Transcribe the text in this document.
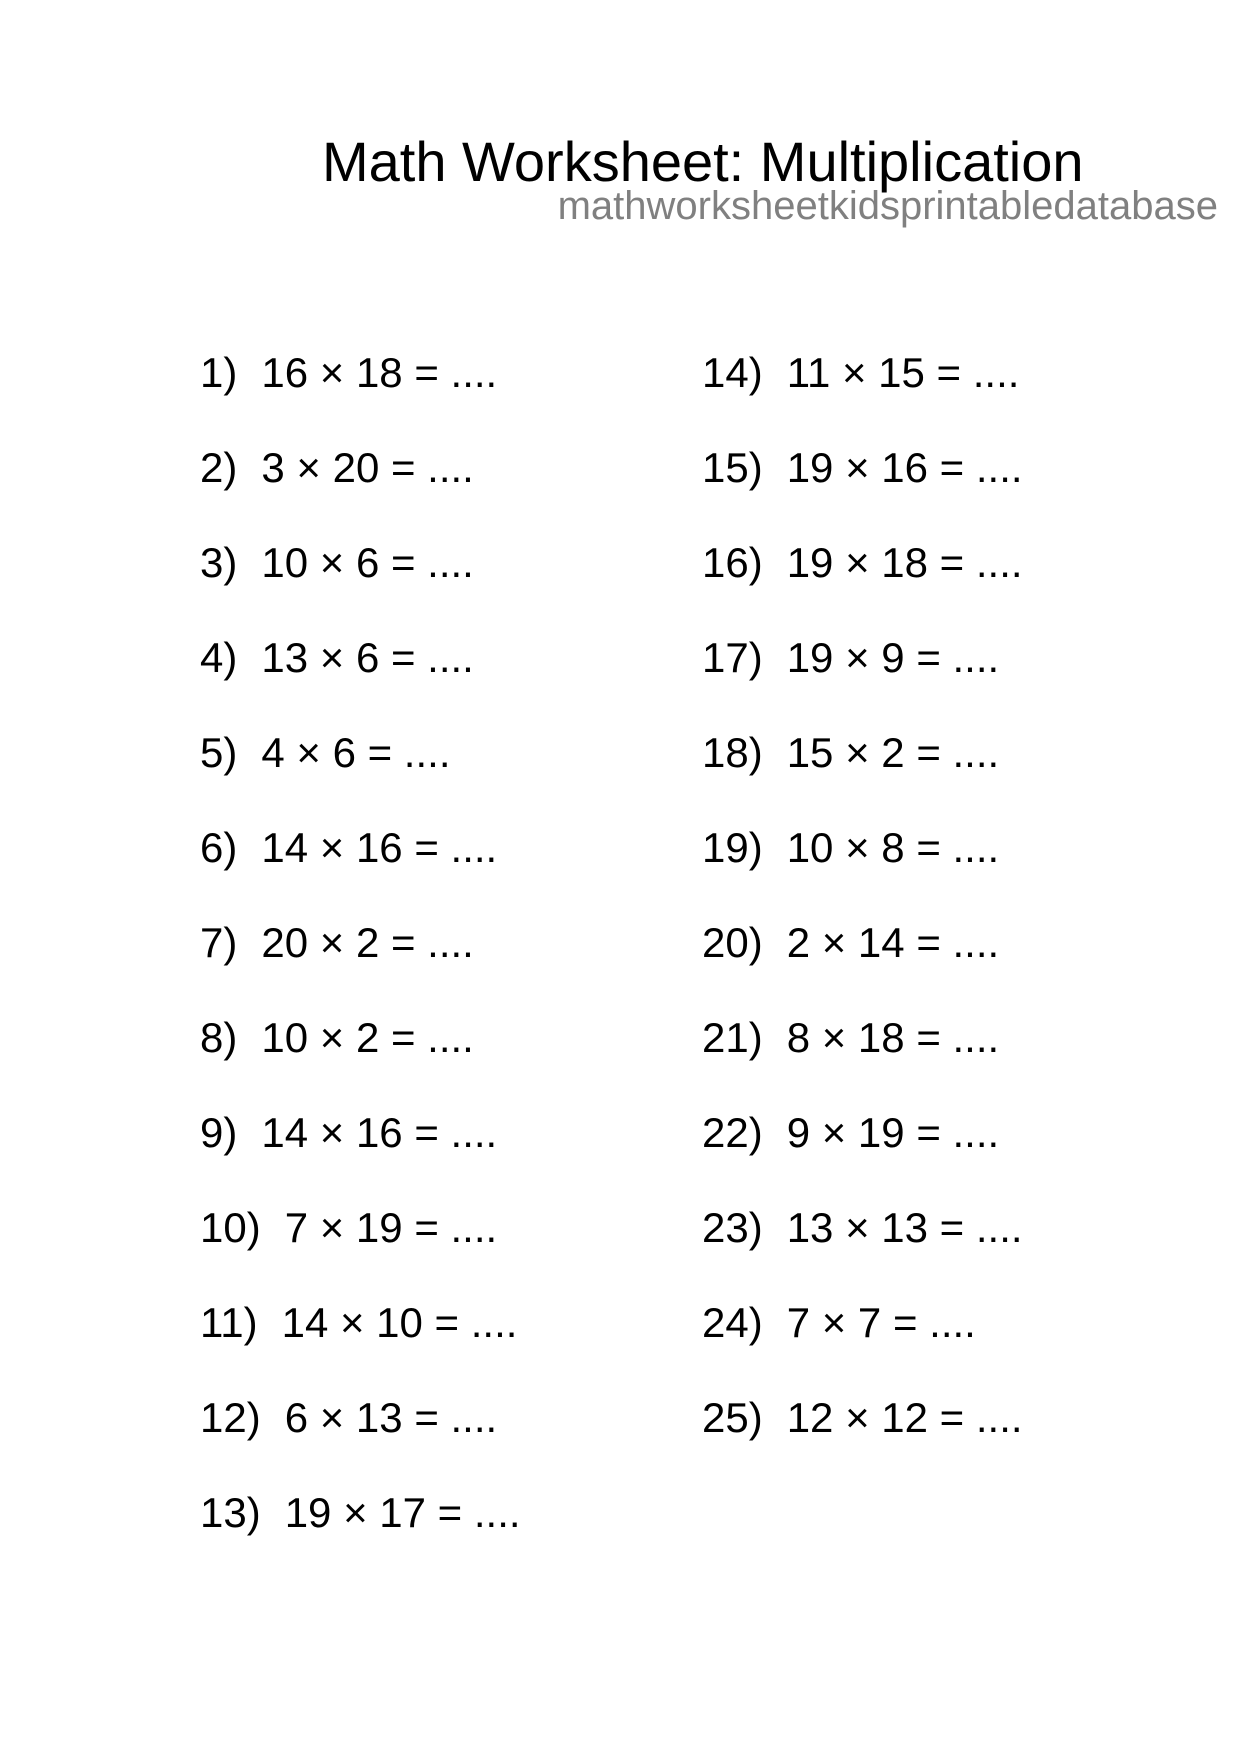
Math Worksheet: Multiplication
mathworksheetkidsprintabledatabase
1) 16 × 18 = ....
2) 3 × 20 = ....
3) 10 × 6 = ....
4) 13 × 6 = ....
5) 4 × 6 = ....
6) 14 × 16 = ....
7) 20 × 2 = ....
8) 10 × 2 = ....
9) 14 × 16 = ....
10) 7 × 19 = ....
11) 14 × 10 = ....
12) 6 × 13 = ....
13) 19 × 17 = ....
14) 11 × 15 = ....
15) 19 × 16 = ....
16) 19 × 18 = ....
17) 19 × 9 = ....
18) 15 × 2 = ....
19) 10 × 8 = ....
20) 2 × 14 = ....
21) 8 × 18 = ....
22) 9 × 19 = ....
23) 13 × 13 = ....
24) 7 × 7 = ....
25) 12 × 12 = ....
